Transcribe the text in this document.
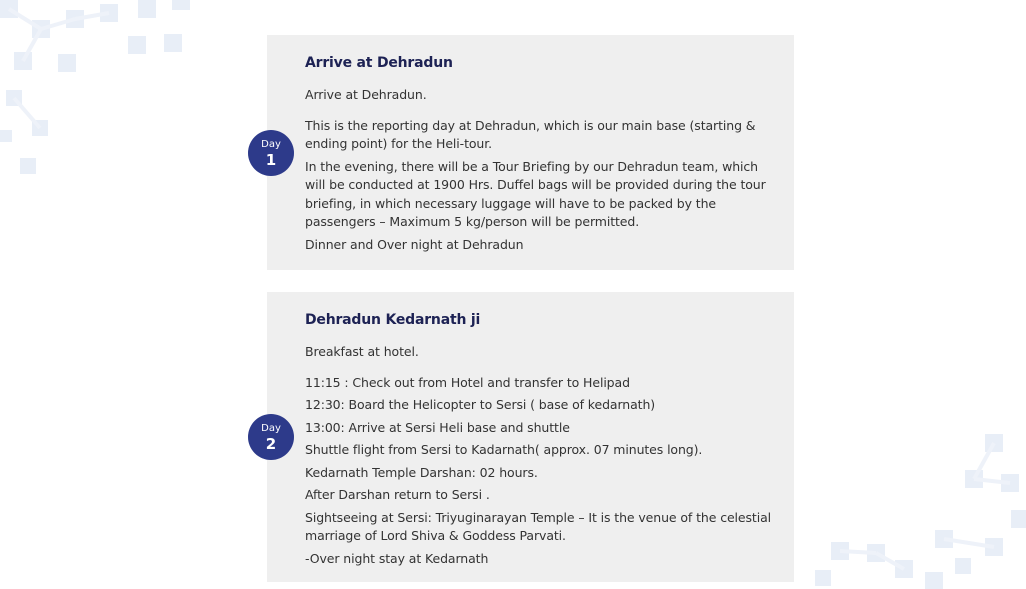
Arrive at Dehradun

Arrive at Dehradun.

This is the reporting day at Dehradun, which is our main base (starting & ending point) for the Heli-tour.

In the evening, there will be a Tour Briefing by our Dehradun team, which will be conducted at 1900 Hrs. Duffel bags will be provided during the tour briefing, in which necessary luggage will have to be packed by the passengers – Maximum 5 kg/person will be permitted.

Dinner and Over night at Dehradun

Day
1
Dehradun Kedarnath ji

Breakfast at hotel.

11:15 : Check out from Hotel and transfer to Helipad

12:30: Board the Helicopter to Sersi ( base of kedarnath)

13:00: Arrive at Sersi Heli base and shuttle

Shuttle flight from Sersi to Kadarnath( approx. 07 minutes long).

Kedarnath Temple Darshan: 02 hours.

After Darshan return to Sersi .

Sightseeing at Sersi: Triyuginarayan Temple – It is the venue of the celestial marriage of Lord Shiva & Goddess Parvati.

-Over night stay at Kedarnath

Day
2
